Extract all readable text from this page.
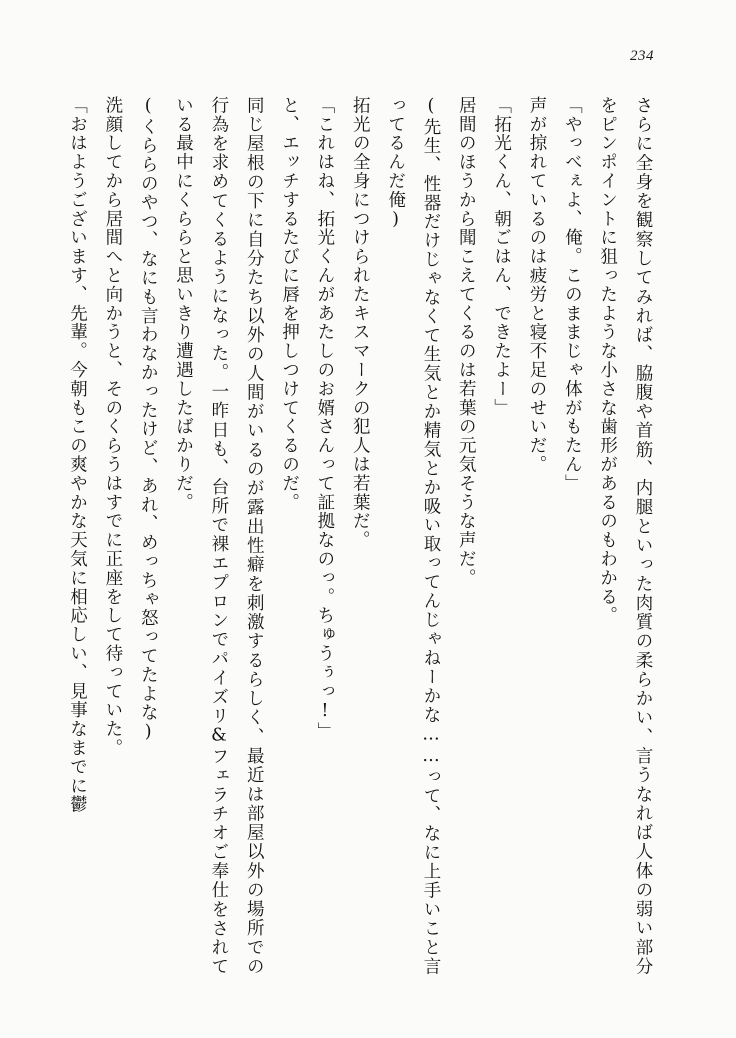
234

さらに全身を観察してみれば、脇腹や首筋、内腿といった肉質の柔らかい、言うなれば人体の弱い部分をピンポイントに狙ったような小さな歯形があるのもわかる。

「やっべぇよ、俺。このままじゃ体がもたん」

声が掠れているのは疲労と寝不足のせいだ。

「拓光くん、朝ごはん、できたよー」

居間のほうから聞こえてくるのは若葉の元気そうな声だ。

(先生、性器だけじゃなくて生気とか精気とか吸い取ってんじゃねーかな……って、なに上手いこと言ってるんだ俺)

拓光の全身につけられたキスマークの犯人は若葉だ。

「これはね、拓光くんがあたしのお婿さんって証拠なのっ。ちゅうぅっ!」

と、エッチするたびに唇を押しつけてくるのだ。

同じ屋根の下に自分たち以外の人間がいるのが露出性癖を刺激するらしく、最近は部屋以外の場所での行為を求めてくるようになった。一昨日も、台所で裸エプロンでパイズリ&フェラチオご奉仕をされている最中にくららと思いきり遭遇したばかりだ。

(くららのやつ、なにも言わなかったけど、あれ、めっちゃ怒ってたよな)

洗顔してから居間へと向かうと、そのくらうはすでに正座をして待っていた。

「おはようございます、先輩。今朝もこの爽やかな天気に相応しい、見事なまでに鬱
